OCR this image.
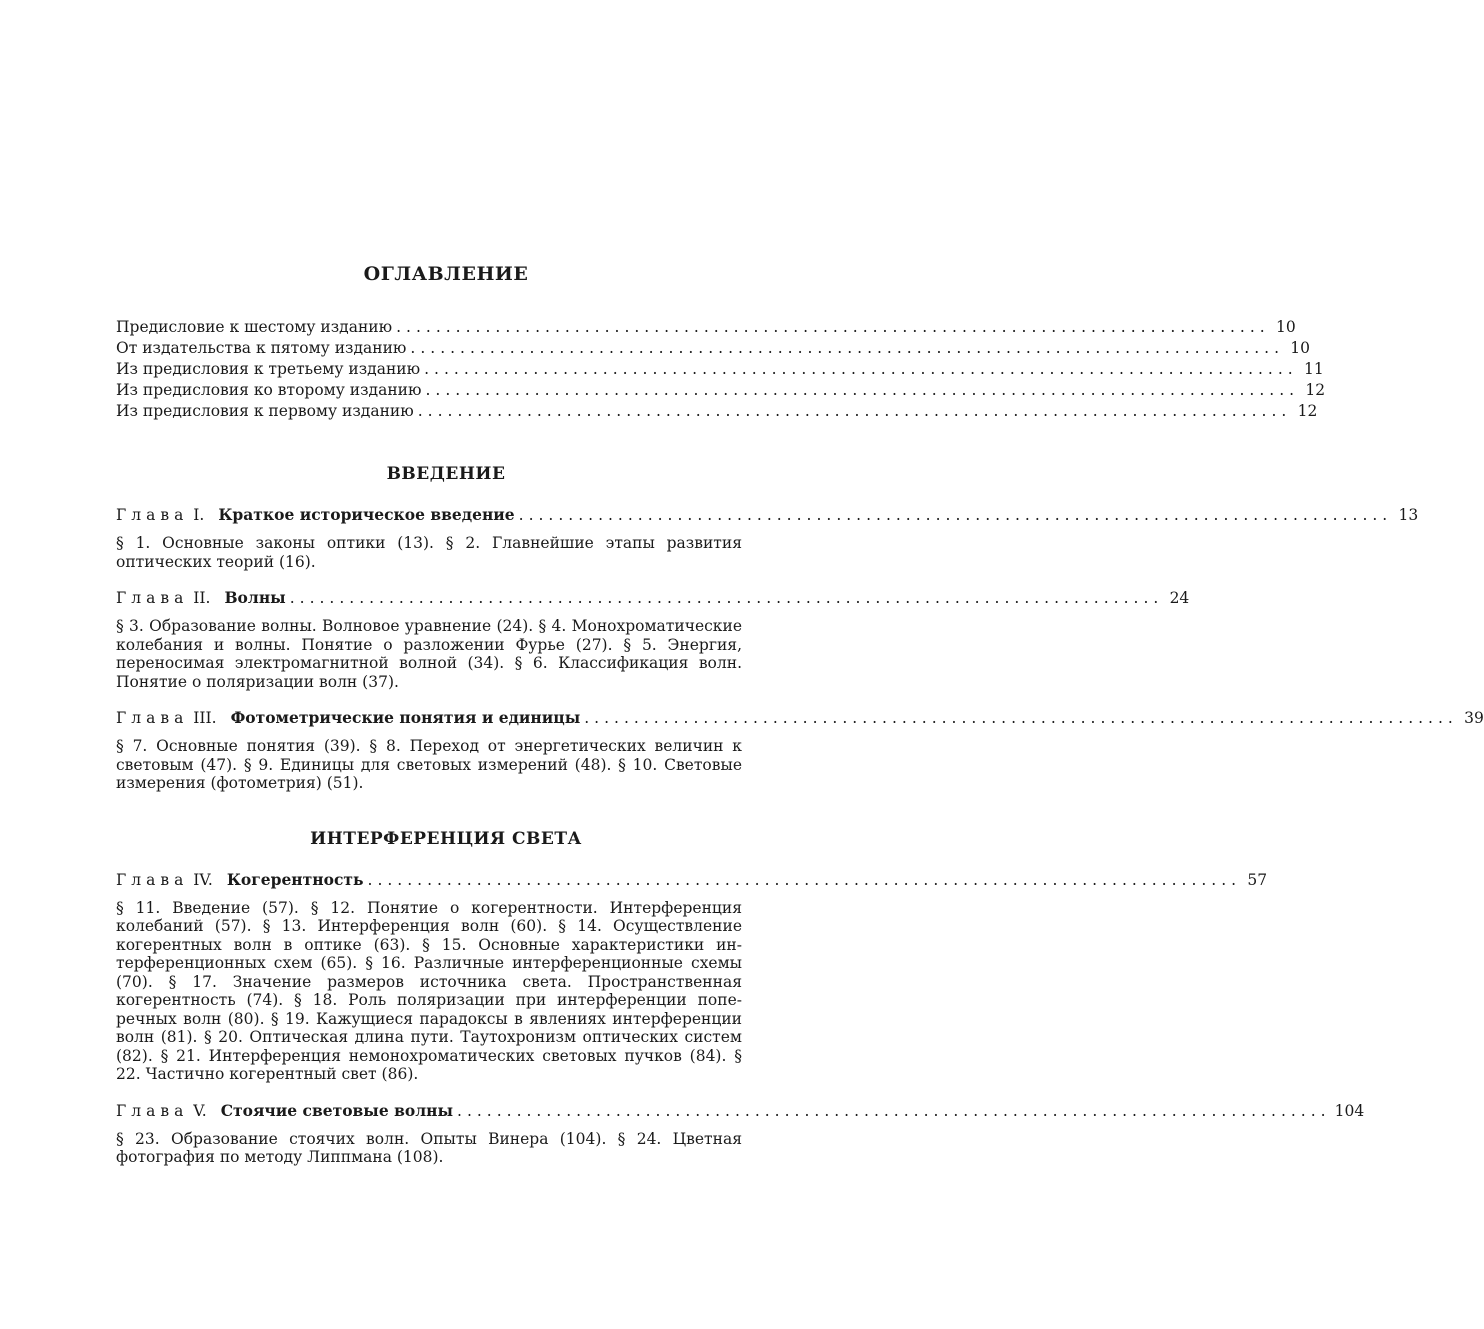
ОГЛАВЛЕНИЕ
Предисловие к шестому изданию ........................................................................................ 10
От издательства к пятому изданию ........................................................................................ 10
Из предисловия к третьему изданию ........................................................................................ 11
Из предисловия ко второму изданию ........................................................................................ 12
Из предисловия к первому изданию ........................................................................................ 12
ВВЕДЕНИЕ
Глава I. Краткое историческое введение ........................................................................................ 13
§ 1. Основные законы оптики (13). § 2. Главнейшие этапы развития оптических теорий (16).
Глава II. Волны ........................................................................................ 24
§ 3. Образование волны. Волновое уравнение (24). § 4. Монохроматические колебания и волны. Понятие о разложении Фурье (27). § 5. Энергия, переносимая электромагнитной волной (34). § 6. Классификация волн. Понятие о поляризации волн (37).
Глава III. Фотометрические понятия и единицы ........................................................................................ 39
§ 7. Основные понятия (39). § 8. Переход от энергетических величин к световым (47). § 9. Единицы для световых измерений (48). § 10. Световые измерения (фотометрия) (51).
ИНТЕРФЕРЕНЦИЯ СВЕТА
Глава IV. Когерентность ........................................................................................ 57
§ 11. Введение (57). § 12. Понятие о когерентности. Интерференция колебаний (57). § 13. Интерференция волн (60). § 14. Осуществление когерентных волн в оптике (63). § 15. Основные характеристики интерференционных схем (65). § 16. Различные интерференционные схемы (70). § 17. Значение размеров источника света. Пространственная когерентность (74). § 18. Роль поляризации при интерференции поперечных волн (80). § 19. Кажущиеся парадоксы в явлениях интерференции волн (81). § 20. Оптическая длина пути. Таутохронизм оптических систем (82). § 21. Интерференция немонохроматических световых пучков (84). § 22. Частично когерентный свет (86).
Глава V. Стоячие световые волны ........................................................................................ 104
§ 23. Образование стоячих волн. Опыты Винера (104). § 24. Цветная фотография по методу Липпмана (108).
